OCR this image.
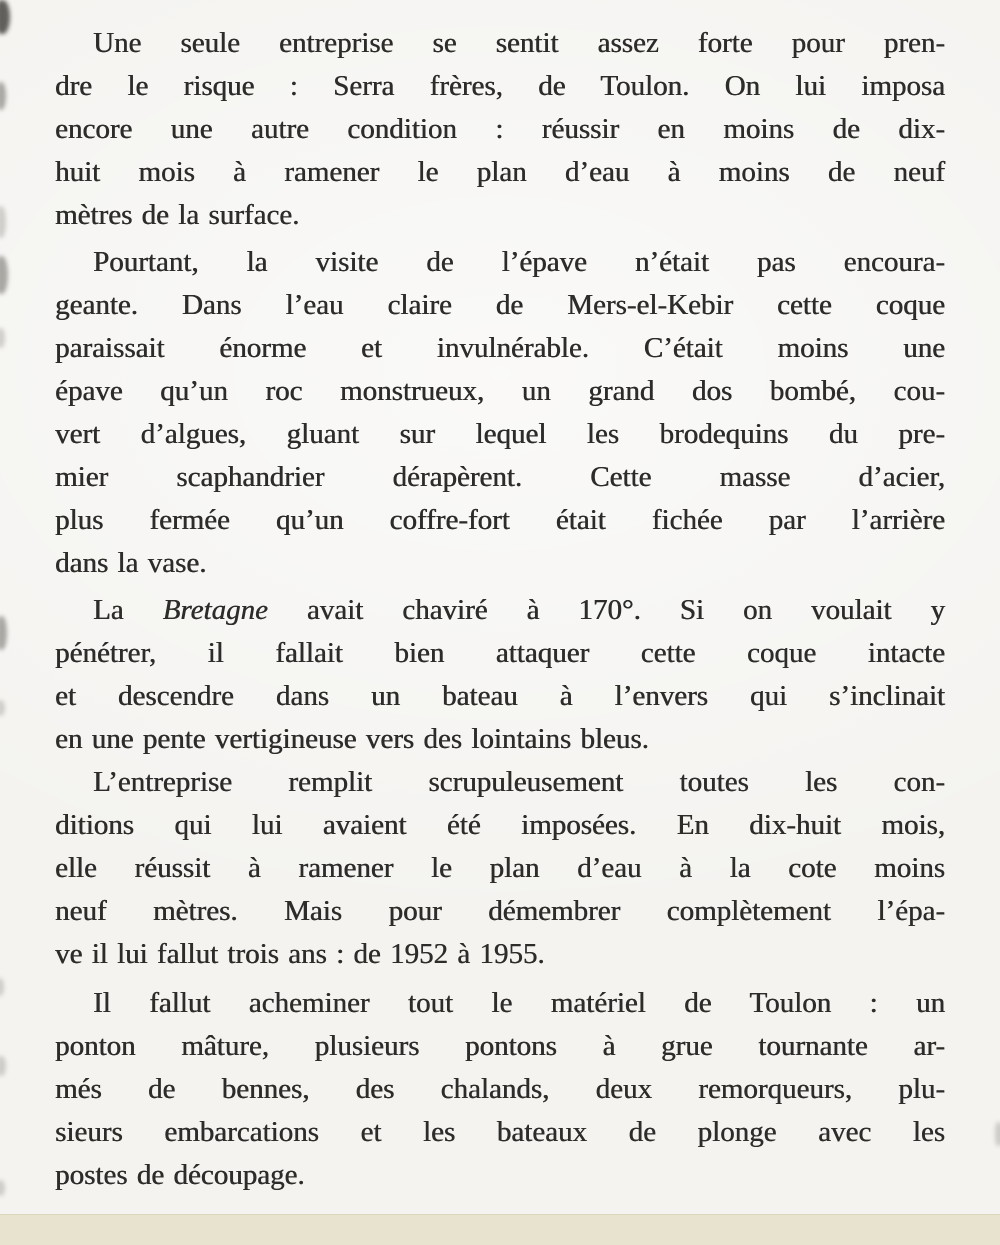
Une seule entreprise se sentit assez forte pour pren-
dre le risque : Serra frères, de Toulon. On lui imposa
encore une autre condition : réussir en moins de dix-
huit mois à ramener le plan d’eau à moins de neuf
mètres de la surface.
Pourtant, la visite de l’épave n’était pas encoura-
geante. Dans l’eau claire de Mers-el-Kebir cette coque
paraissait énorme et invulnérable. C’était moins une
épave qu’un roc monstrueux, un grand dos bombé, cou-
vert d’algues, gluant sur lequel les brodequins du pre-
mier scaphandrier dérapèrent. Cette masse d’acier,
plus fermée qu’un coffre-fort était fichée par l’arrière
dans la vase.
La Bretagne avait chaviré à 170°. Si on voulait y
pénétrer, il fallait bien attaquer cette coque intacte
et descendre dans un bateau à l’envers qui s’inclinait
en une pente vertigineuse vers des lointains bleus.
L’entreprise remplit scrupuleusement toutes les con-
ditions qui lui avaient été imposées. En dix-huit mois,
elle réussit à ramener le plan d’eau à la cote moins
neuf mètres. Mais pour démembrer complètement l’épa-
ve il lui fallut trois ans : de 1952 à 1955.
Il fallut acheminer tout le matériel de Toulon : un
ponton mâture, plusieurs pontons à grue tournante ar-
més de bennes, des chalands, deux remorqueurs, plu-
sieurs embarcations et les bateaux de plonge avec les
postes de découpage.
